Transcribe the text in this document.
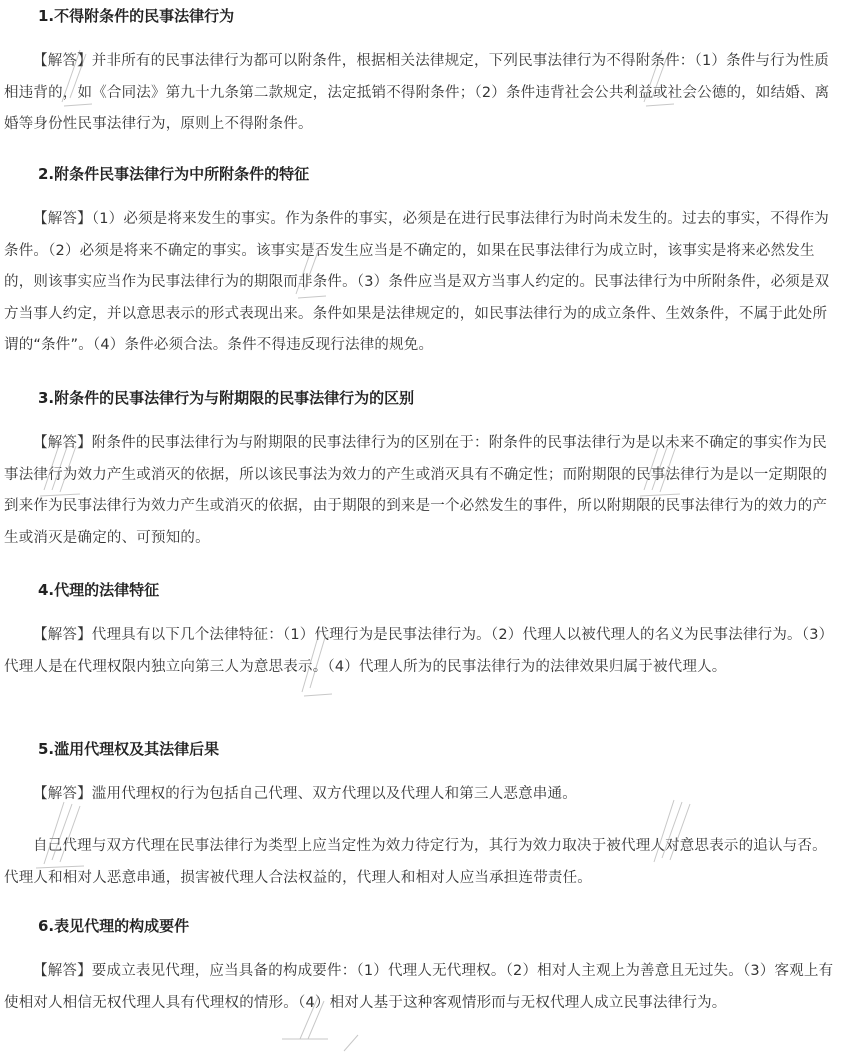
1.不得附条件的民事法律行为

【解答】并非所有的民事法律行为都可以附条件，根据相关法律规定，下列民事法律行为不得附条件：（1）条件与行为性质相违背的，如《合同法》第九十九条第二款规定，法定抵销不得附条件；（2）条件违背社会公共利益或社会公德的，如结婚、离婚等身份性民事法律行为，原则上不得附条件。

2.附条件民事法律行为中所附条件的特征

【解答】（1）必须是将来发生的事实。作为条件的事实，必须是在进行民事法律行为时尚未发生的。过去的事实，不得作为条件。（2）必须是将来不确定的事实。该事实是否发生应当是不确定的，如果在民事法律行为成立时，该事实是将来必然发生的，则该事实应当作为民事法律行为的期限而非条件。（3）条件应当是双方当事人约定的。民事法律行为中所附条件，必须是双方当事人约定，并以意思表示的形式表现出来。条件如果是法律规定的，如民事法律行为的成立条件、生效条件，不属于此处所谓的“条件”。（4）条件必须合法。条件不得违反现行法律的规免。

3.附条件的民事法律行为与附期限的民事法律行为的区别

【解答】附条件的民事法律行为与附期限的民事法律行为的区别在于：附条件的民事法律行为是以未来不确定的事实作为民事法律行为效力产生或消灭的依据，所以该民事法为效力的产生或消灭具有不确定性；而附期限的民事法律行为是以一定期限的到来作为民事法律行为效力产生或消灭的依据，由于期限的到来是一个必然发生的事件，所以附期限的民事法律行为的效力的产生或消灭是确定的、可预知的。

4.代理的法律特征

【解答】代理具有以下几个法律特征：（1）代理行为是民事法律行为。（2）代理人以被代理人的名义为民事法律行为。（3）代理人是在代理权限内独立向第三人为意思表示。（4）代理人所为的民事法律行为的法律效果归属于被代理人。

5.滥用代理权及其法律后果

【解答】滥用代理权的行为包括自己代理、双方代理以及代理人和第三人恶意串通。

自己代理与双方代理在民事法律行为类型上应当定性为效力待定行为，其行为效力取决于被代理人对意思表示的追认与否。代理人和相对人恶意串通，损害被代理人合法权益的，代理人和相对人应当承担连带责任。

6.表见代理的构成要件

【解答】要成立表见代理，应当具备的构成要件：（1）代理人无代理权。（2）相对人主观上为善意且无过失。（3）客观上有使相对人相信无权代理人具有代理权的情形。（4）相对人基于这种客观情形而与无权代理人成立民事法律行为。
